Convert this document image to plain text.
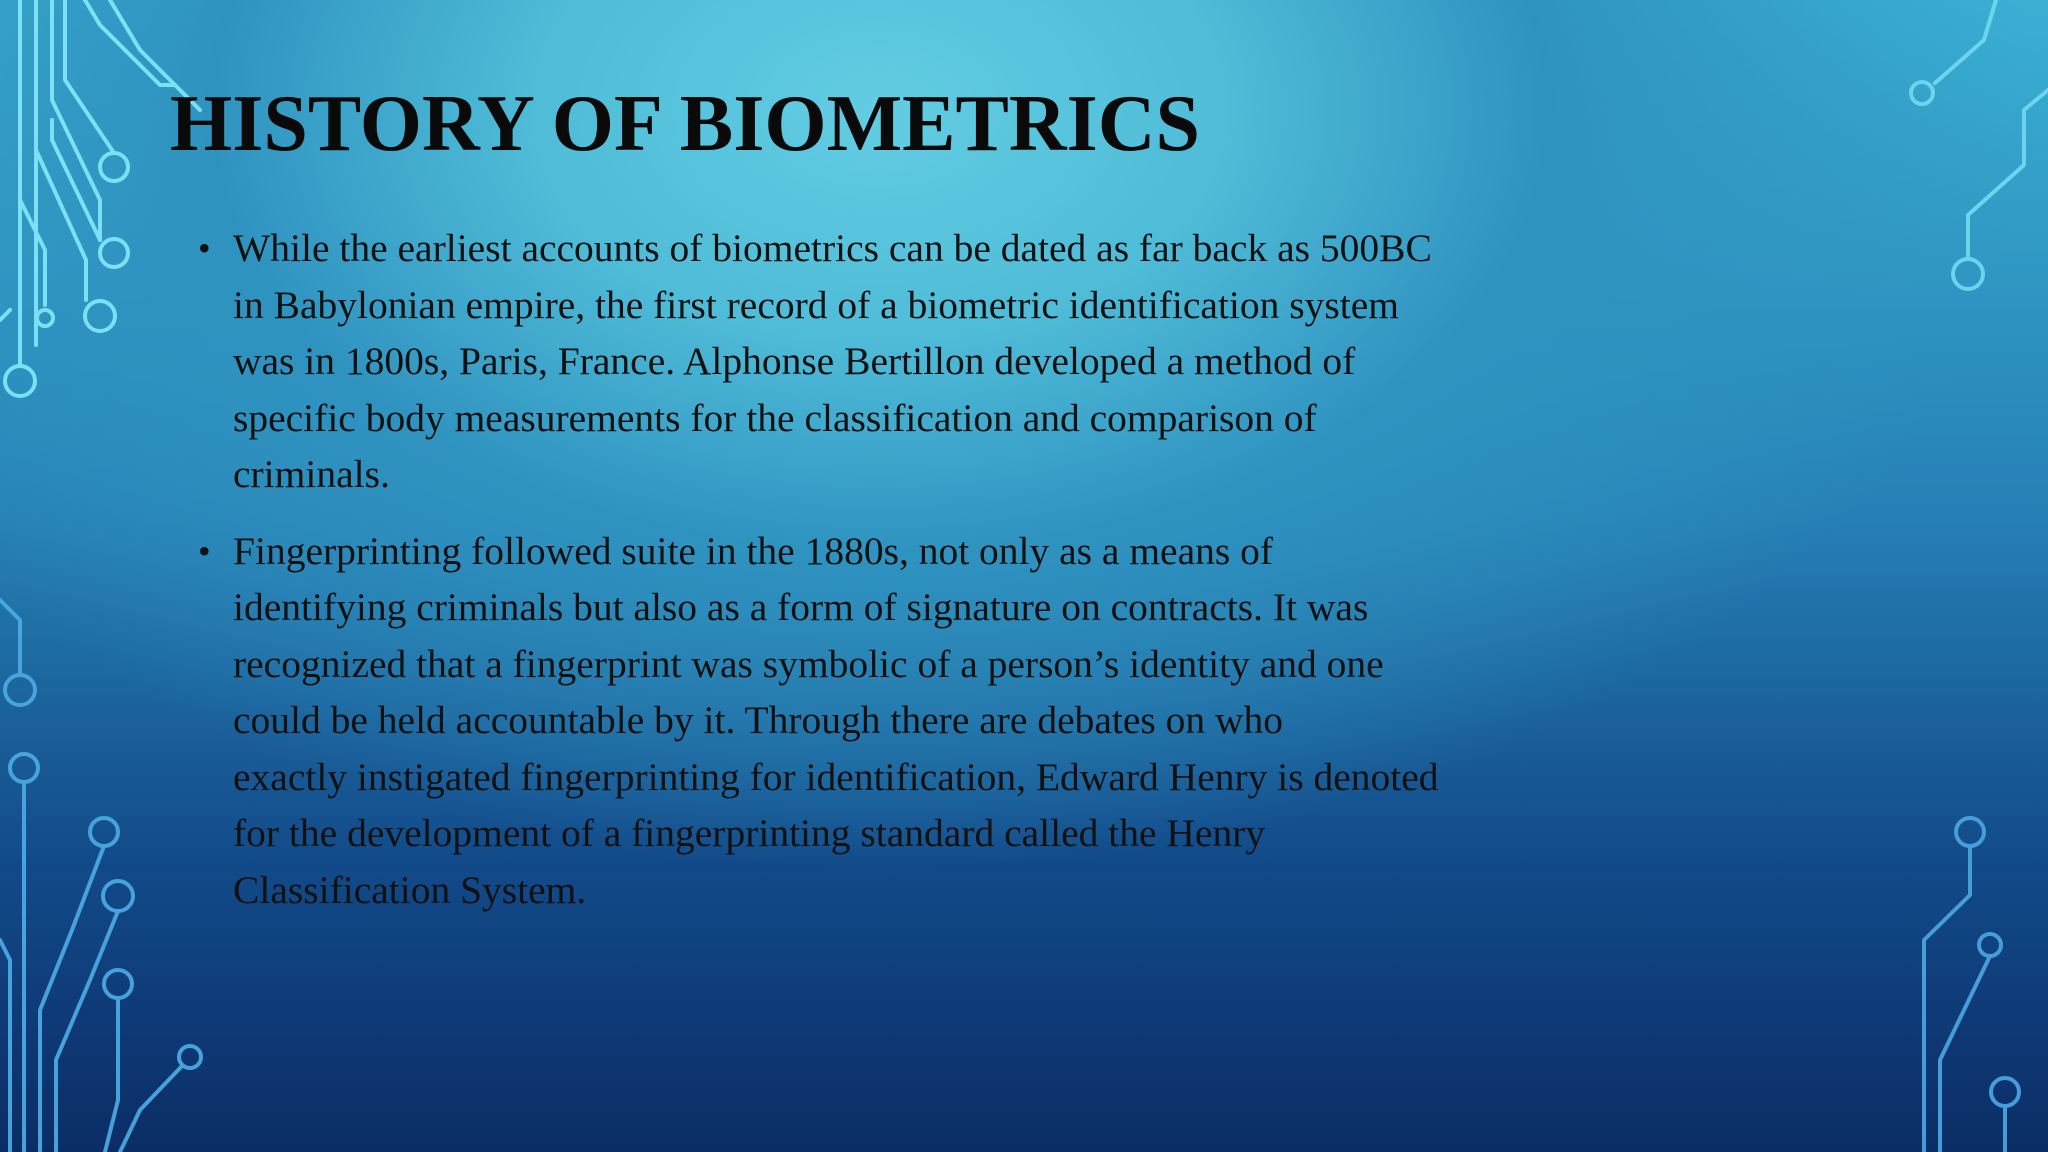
HISTORY OF BIOMETRICS
• While the earliest accounts of biometrics can be dated as far back as 500BC
in Babylonian empire, the first record of a biometric identification system
was in 1800s, Paris, France. Alphonse Bertillon developed a method of
specific body measurements for the classification and comparison of
criminals.
• Fingerprinting followed suite in the 1880s, not only as a means of
identifying criminals but also as a form of signature on contracts. It was
recognized that a fingerprint was symbolic of a person’s identity and one
could be held accountable by it. Through there are debates on who
exactly instigated fingerprinting for identification, Edward Henry is denoted
for the development of a fingerprinting standard called the Henry
Classification System.
